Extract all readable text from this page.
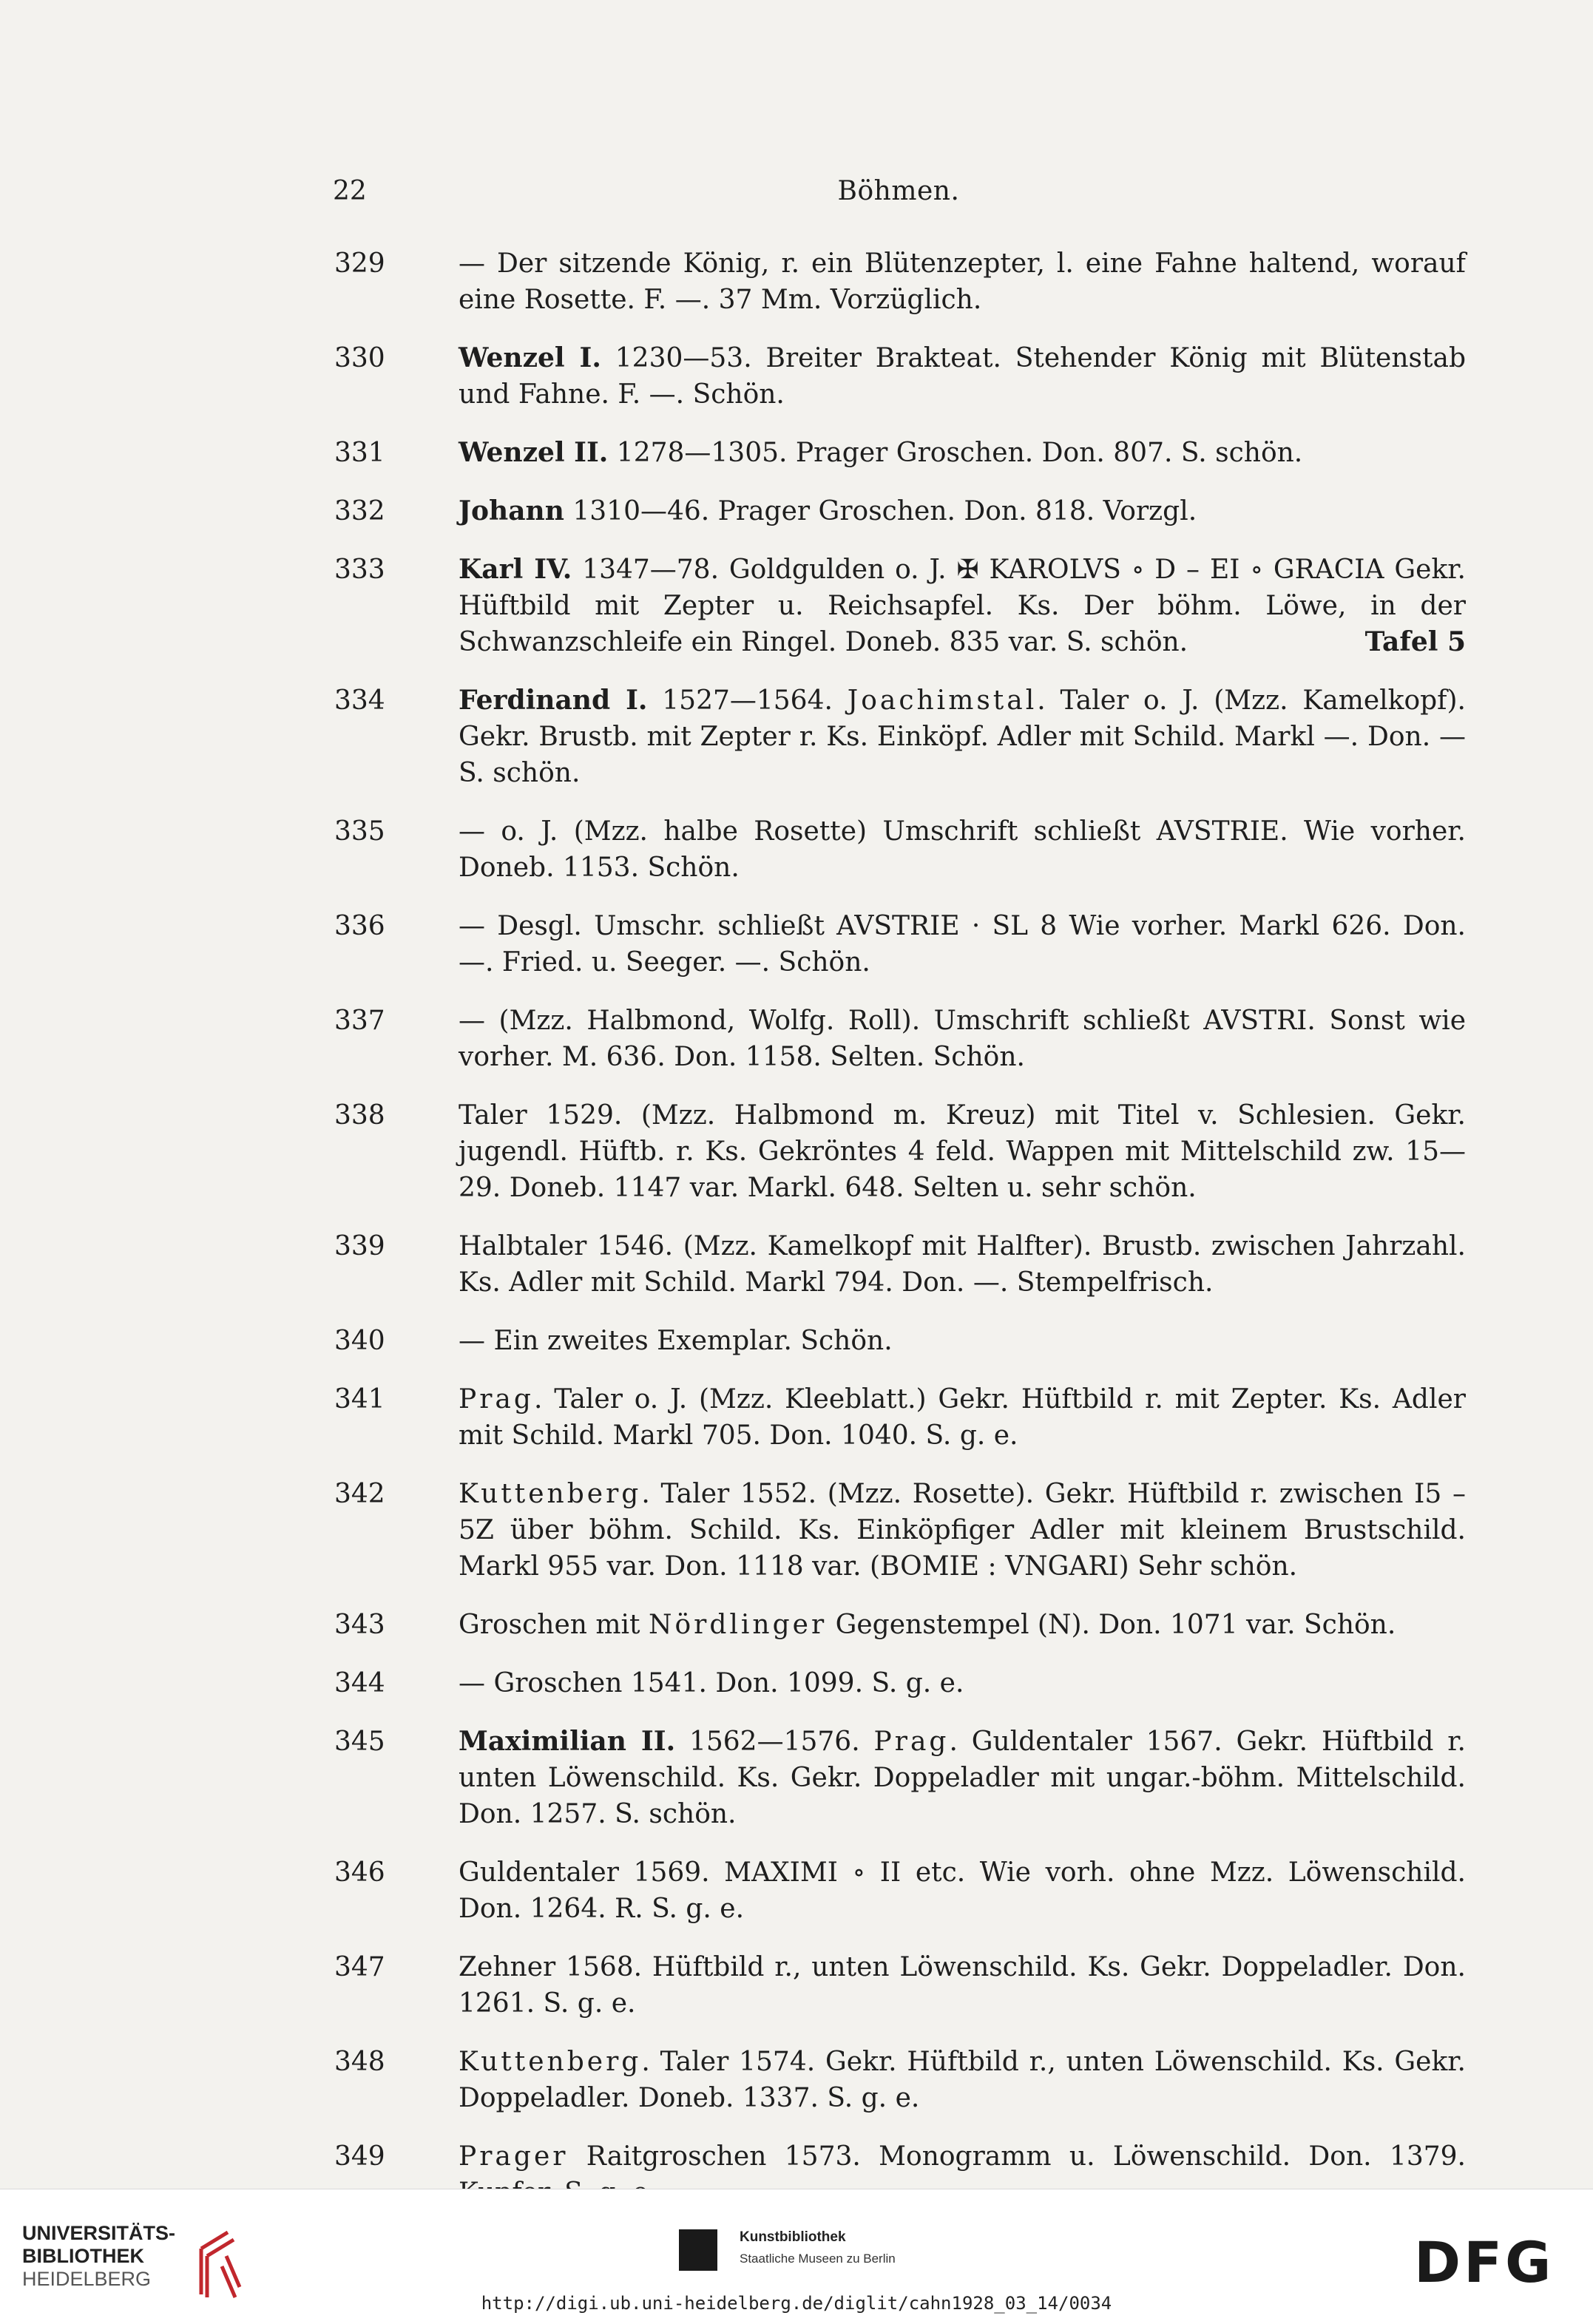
22	Böhmen.
329	— Der sitzende König, r. ein Blütenzepter, l. eine Fahne haltend, worauf eine Rosette. F. —. 37 Mm. Vorzüglich.
330	Wenzel I. 1230—53. Breiter Brakteat. Stehender König mit Blütenstab und Fahne. F. —. Schön.
331	Wenzel II. 1278—1305. Prager Groschen. Don. 807. S. schön.
332	Johann 1310—46. Prager Groschen. Don. 818. Vorzgl.
333	Karl IV. 1347—78. Goldgulden o. J. ✠ KAROLVS ∘ D – EI ∘ GRACIA Gekr. Hüftbild mit Zepter u. Reichsapfel. Ks. Der böhm. Löwe, in der Schwanzschleife ein Ringel. Doneb. 835 var. S. schön.	Tafel 5
334	Ferdinand I. 1527—1564. Joachimstal. Taler o. J. (Mzz. Kamelkopf). Gekr. Brustb. mit Zepter r. Ks. Einköpf. Adler mit Schild. Markl —. Don. — S. schön.
335	— o. J. (Mzz. halbe Rosette) Umschrift schließt AVSTRIE. Wie vorher. Doneb. 1153. Schön.
336	— Desgl. Umschr. schließt AVSTRIE · SL 8 Wie vorher. Markl 626. Don. —. Fried. u. Seeger. —. Schön.
337	— (Mzz. Halbmond, Wolfg. Roll). Umschrift schließt AVSTRI. Sonst wie vorher. M. 636. Don. 1158. Selten. Schön.
338	Taler 1529. (Mzz. Halbmond m. Kreuz) mit Titel v. Schlesien. Gekr. jugendl. Hüftb. r. Ks. Gekröntes 4 feld. Wappen mit Mittelschild zw. 15—29. Doneb. 1147 var. Markl. 648. Selten u. sehr schön.
339	Halbtaler 1546. (Mzz. Kamelkopf mit Halfter). Brustb. zwischen Jahrzahl. Ks. Adler mit Schild. Markl 794. Don. —. Stempelfrisch.
340	— Ein zweites Exemplar. Schön.
341	Prag. Taler o. J. (Mzz. Kleeblatt.) Gekr. Hüftbild r. mit Zepter. Ks. Adler mit Schild. Markl 705. Don. 1040. S. g. e.
342	Kuttenberg. Taler 1552. (Mzz. Rosette). Gekr. Hüftbild r. zwischen I5 – 5Z über böhm. Schild. Ks. Einköpfiger Adler mit kleinem Brustschild. Markl 955 var. Don. 1118 var. (BOMIE : VNGARI) Sehr schön.
343	Groschen mit Nördlinger Gegenstempel (N). Don. 1071 var. Schön.
344	— Groschen 1541. Don. 1099. S. g. e.
345	Maximilian II. 1562—1576. Prag. Guldentaler 1567. Gekr. Hüftbild r. unten Löwenschild. Ks. Gekr. Doppeladler mit ungar.-böhm. Mittelschild. Don. 1257. S. schön.
346	Guldentaler 1569. MAXIMI ∘ II etc. Wie vorh. ohne Mzz. Löwenschild. Don. 1264. R. S. g. e.
347	Zehner 1568. Hüftbild r., unten Löwenschild. Ks. Gekr. Doppeladler. Don. 1261. S. g. e.
348	Kuttenberg. Taler 1574. Gekr. Hüftbild r., unten Löwenschild. Ks. Gekr. Doppeladler. Doneb. 1337. S. g. e.
349	Prager Raitgroschen 1573. Monogramm u. Löwenschild. Don. 1379.
UNIVERSITÄTS-
BIBLIOTHEK
HEIDELBERG
Kunstbibliothek
Staatliche Museen zu Berlin	DFG
http://digi.ub.uni-heidelberg.de/diglit/cahn1928_03_14/0034
